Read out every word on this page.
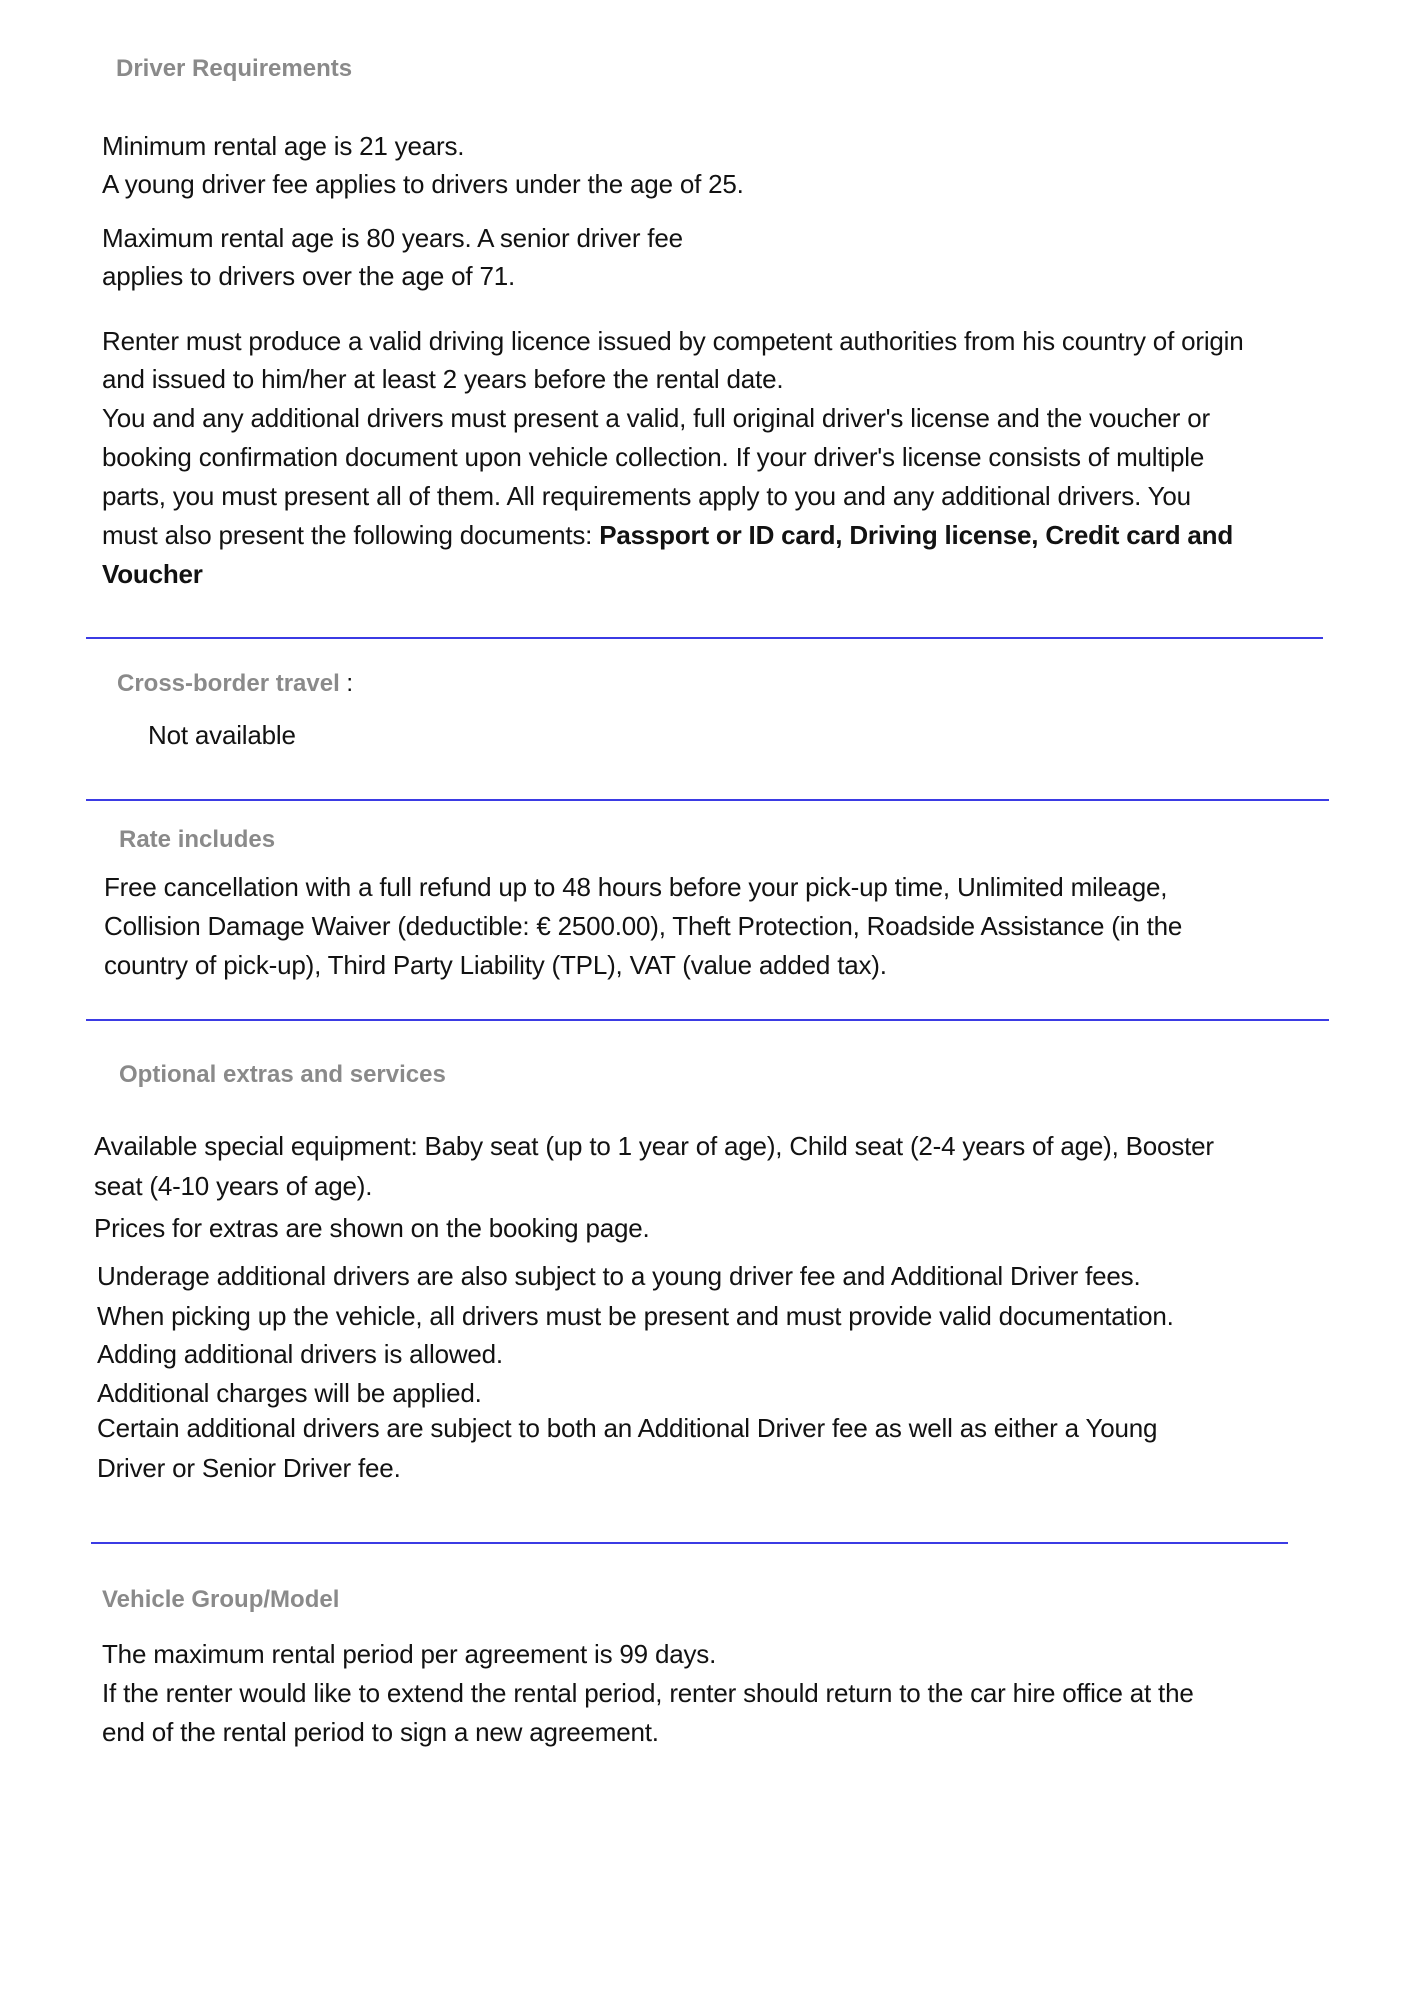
Driver Requirements
Minimum rental age is 21 years.
A young driver fee applies to drivers under the age of 25.
Maximum rental age is 80 years. A senior driver fee
applies to drivers over the age of 71.
Renter must produce a valid driving licence issued by competent authorities from his country of origin
and issued to him/her at least 2 years before the rental date.
You and any additional drivers must present a valid, full original driver's license and the voucher or
booking confirmation document upon vehicle collection. If your driver's license consists of multiple
parts, you must present all of them. All requirements apply to you and any additional drivers. You
must also present the following documents: Passport or ID card, Driving license, Credit card and
Voucher
Cross-border travel :
Not available
Rate includes
Free cancellation with a full refund up to 48 hours before your pick-up time, Unlimited mileage,
Collision Damage Waiver (deductible: € 2500.00), Theft Protection, Roadside Assistance (in the
country of pick-up), Third Party Liability (TPL), VAT (value added tax).
Optional extras and services
Available special equipment: Baby seat (up to 1 year of age), Child seat (2-4 years of age), Booster
seat (4-10 years of age).
Prices for extras are shown on the booking page.
Underage additional drivers are also subject to a young driver fee and Additional Driver fees.
When picking up the vehicle, all drivers must be present and must provide valid documentation.
Adding additional drivers is allowed.
Additional charges will be applied.
Certain additional drivers are subject to both an Additional Driver fee as well as either a Young
Driver or Senior Driver fee.
Vehicle Group/Model
The maximum rental period per agreement is 99 days.
If the renter would like to extend the rental period, renter should return to the car hire office at the
end of the rental period to sign a new agreement.
